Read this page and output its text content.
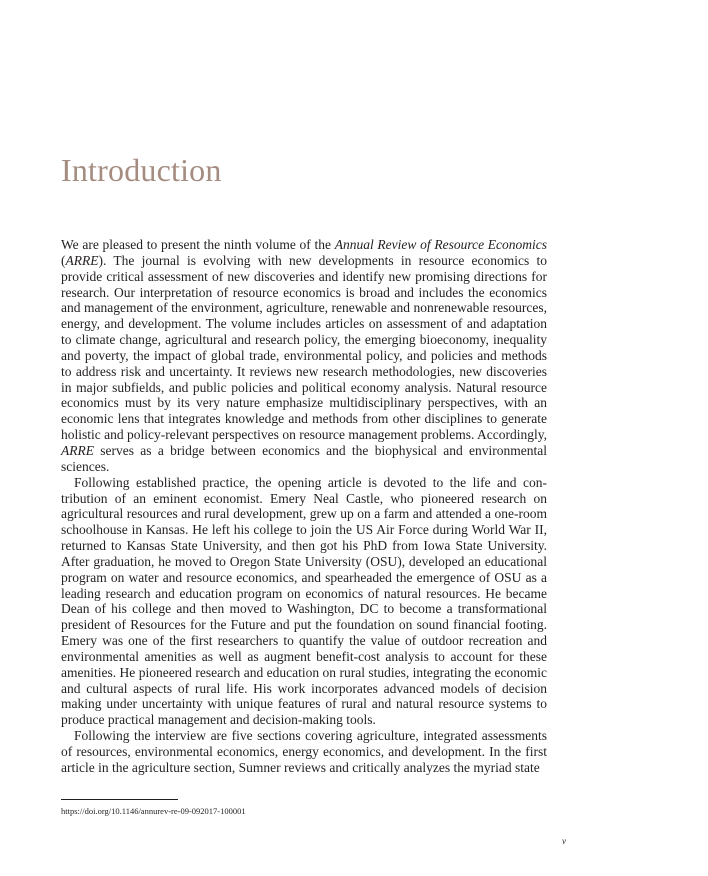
Introduction

We are pleased to present the ninth volume of the Annual Review of Resource Economics (ARRE). The journal is evolving with new developments in resource economics to provide critical assessment of new discoveries and identify new promising directions for research. Our interpretation of resource economics is broad and includes the economics and management of the environment, agriculture, renewable and nonrenewable resources, energy, and development. The volume includes articles on assessment of and adaptation to climate change, agricultural and research policy, the emerging bioeconomy, inequality and poverty, the impact of global trade, environmental policy, and policies and methods to address risk and uncertainty. It reviews new research methodologies, new discoveries in major subfields, and public policies and political economy analysis. Natural resource economics must by its very nature emphasize multidisciplinary perspectives, with an economic lens that integrates knowledge and methods from other disciplines to generate holistic and policy-relevant perspectives on resource management problems. Accordingly, ARRE serves as a bridge between economics and the biophysical and environmental sciences.

Following established practice, the opening article is devoted to the life and contribution of an eminent economist. Emery Neal Castle, who pioneered research on agricultural resources and rural development, grew up on a farm and attended a one-room schoolhouse in Kansas. He left his college to join the US Air Force during World War II, returned to Kansas State University, and then got his PhD from Iowa State University. After graduation, he moved to Oregon State University (OSU), developed an educational program on water and resource economics, and spearheaded the emergence of OSU as a leading research and education program on economics of natural resources. He became Dean of his college and then moved to Washington, DC to become a transformational president of Resources for the Future and put the foundation on sound financial footing. Emery was one of the first researchers to quantify the value of outdoor recreation and environmental amenities as well as augment benefit-cost analysis to account for these amenities. He pioneered research and education on rural studies, integrating the economic and cultural aspects of rural life. His work incorporates advanced models of decision making under uncertainty with unique features of rural and natural resource systems to produce practical management and decision-making tools.

Following the interview are five sections covering agriculture, integrated assessments of resources, environmental economics, energy economics, and development. In the first article in the agriculture section, Sumner reviews and critically analyzes the myriad state

https://doi.org/10.1146/annurev-re-09-092017-100001
v
